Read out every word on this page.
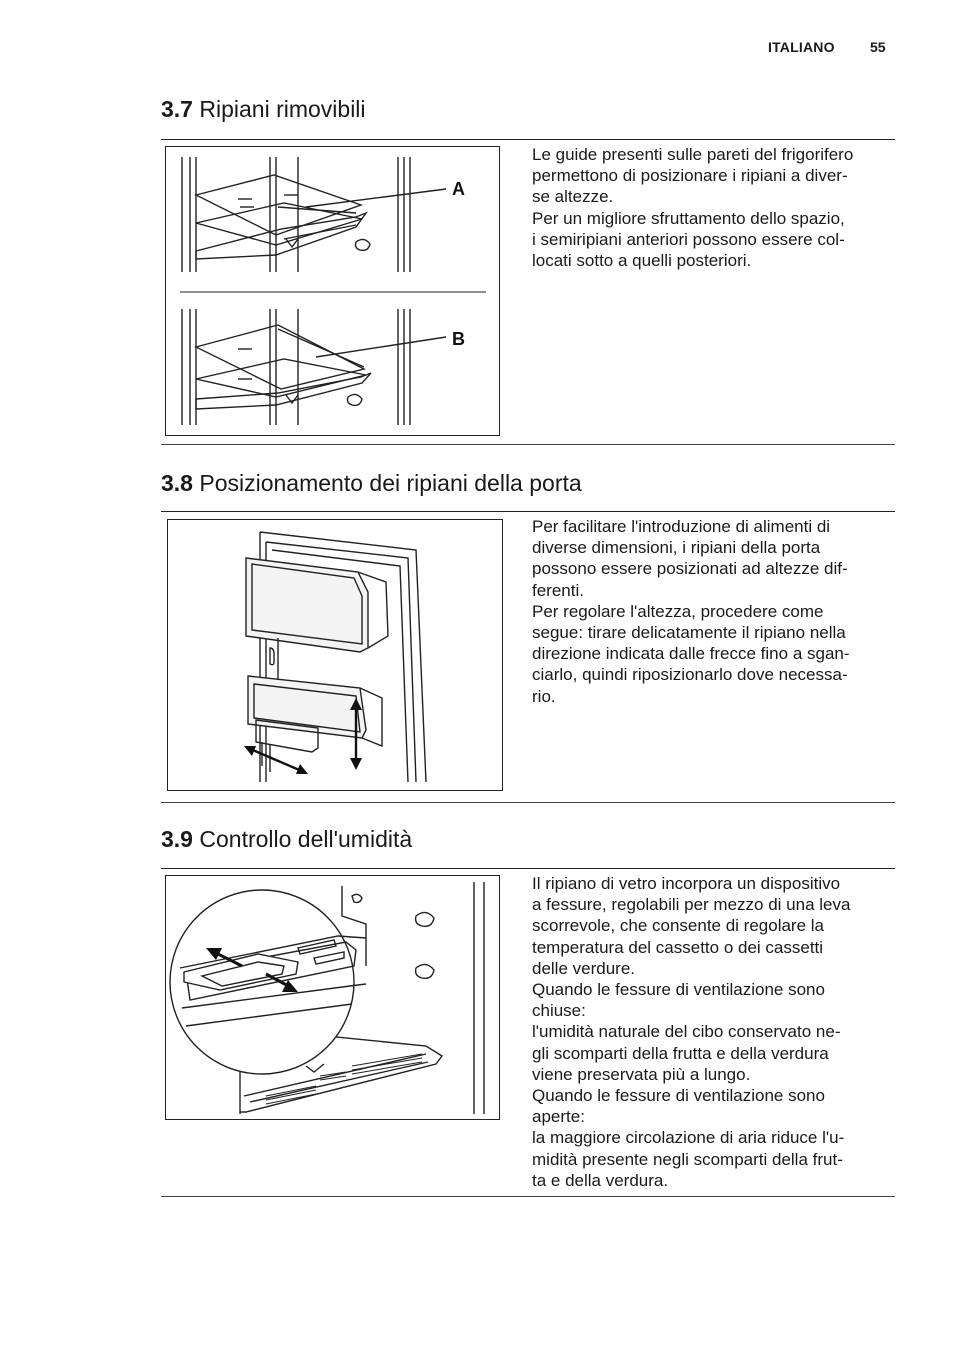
ITALIANO	55
3.7 Ripiani rimovibili
A
B

Le guide presenti sulle pareti del frigorifero
permettono di posizionare i ripiani a diver-
se altezze.

Per un migliore sfruttamento dello spazio,
i semiripiani anteriori possono essere col-
locati sotto a quelli posteriori.

3.8 Posizionamento dei ripiani della porta

Per facilitare l'introduzione di alimenti di
diverse dimensioni, i ripiani della porta
possono essere posizionati ad altezze dif-
ferenti.

Per regolare l'altezza, procedere come
segue: tirare delicatamente il ripiano nella
direzione indicata dalle frecce fino a sgan-
ciarlo, quindi riposizionarlo dove necessa-
rio.

3.9 Controllo dell'umidità

Il ripiano di vetro incorpora un dispositivo
a fessure, regolabili per mezzo di una leva
scorrevole, che consente di regolare la
temperatura del cassetto o dei cassetti
delle verdure.

Quando le fessure di ventilazione sono
chiuse:

l'umidità naturale del cibo conservato ne-
gli scomparti della frutta e della verdura
viene preservata più a lungo.

Quando le fessure di ventilazione sono
aperte:

la maggiore circolazione di aria riduce l'u-
midità presente negli scomparti della frut-
ta e della verdura.
